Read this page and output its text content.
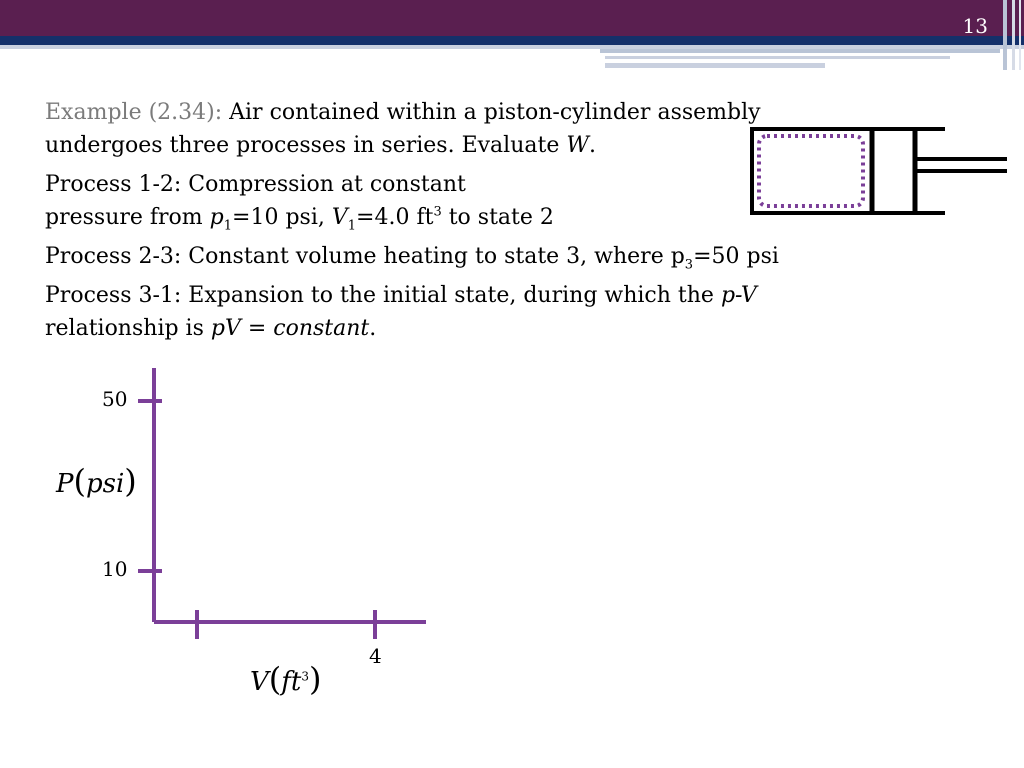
13

Example (2.34): Air contained within a piston-cylinder assembly
undergoes three processes in series. Evaluate W.

Process 1-2: Compression at constant
pressure from $p_1=10$ psi, $V_1=4.0$ $ft^3$ to state 2

Process 2-3: Constant volume heating to state 3, where $p_3=50$ psi

Process 3-1: Expansion to the initial state, during which the p-V
relationship is pV = constant.

P(psi)
$V(ft^3)$
10
50
4
